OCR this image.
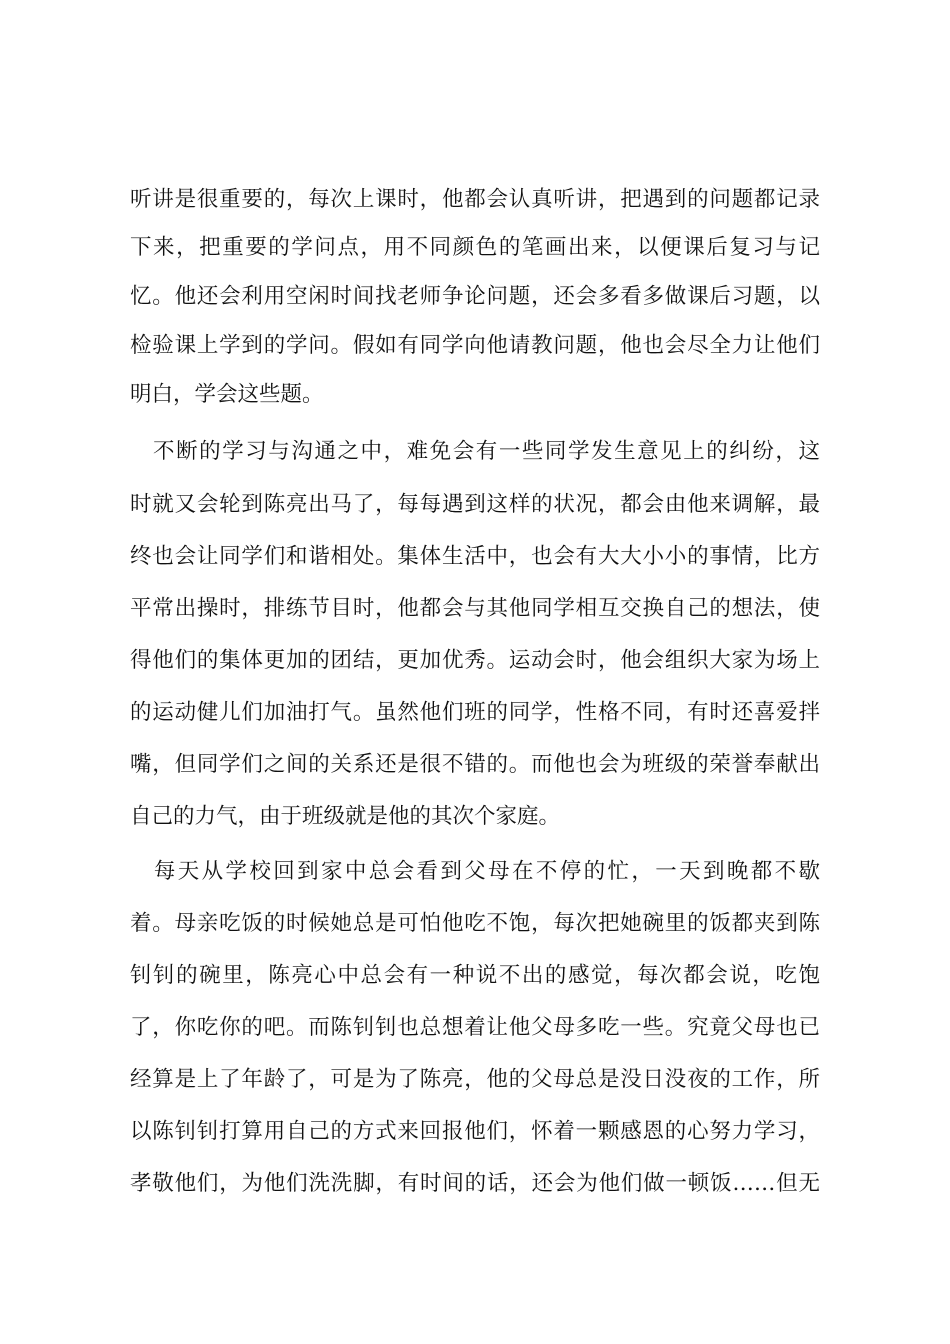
听讲是很重要的，每次上课时，他都会认真听讲，把遇到的问题都记录
下来，把重要的学问点，用不同颜色的笔画出来，以便课后复习与记
忆。他还会利用空闲时间找老师争论问题，还会多看多做课后习题，以
检验课上学到的学问。假如有同学向他请教问题，他也会尽全力让他们
明白，学会这些题。
　不断的学习与沟通之中，难免会有一些同学发生意见上的纠纷，这
时就又会轮到陈亮出马了，每每遇到这样的状况，都会由他来调解，最
终也会让同学们和谐相处。集体生活中，也会有大大小小的事情，比方
平常出操时，排练节目时，他都会与其他同学相互交换自己的想法，使
得他们的集体更加的团结，更加优秀。运动会时，他会组织大家为场上
的运动健儿们加油打气。虽然他们班的同学，性格不同，有时还喜爱拌
嘴，但同学们之间的关系还是很不错的。而他也会为班级的荣誉奉献出
自己的力气，由于班级就是他的其次个家庭。
　每天从学校回到家中总会看到父母在不停的忙，一天到晚都不歇
着。母亲吃饭的时候她总是可怕他吃不饱，每次把她碗里的饭都夹到陈
钊钊的碗里，陈亮心中总会有一种说不出的感觉，每次都会说，吃饱
了，你吃你的吧。而陈钊钊也总想着让他父母多吃一些。究竟父母也已
经算是上了年龄了，可是为了陈亮，他的父母总是没日没夜的工作，所
以陈钊钊打算用自己的方式来回报他们，怀着一颗感恩的心努力学习，
孝敬他们，为他们洗洗脚，有时间的话，还会为他们做一顿饭……但无
